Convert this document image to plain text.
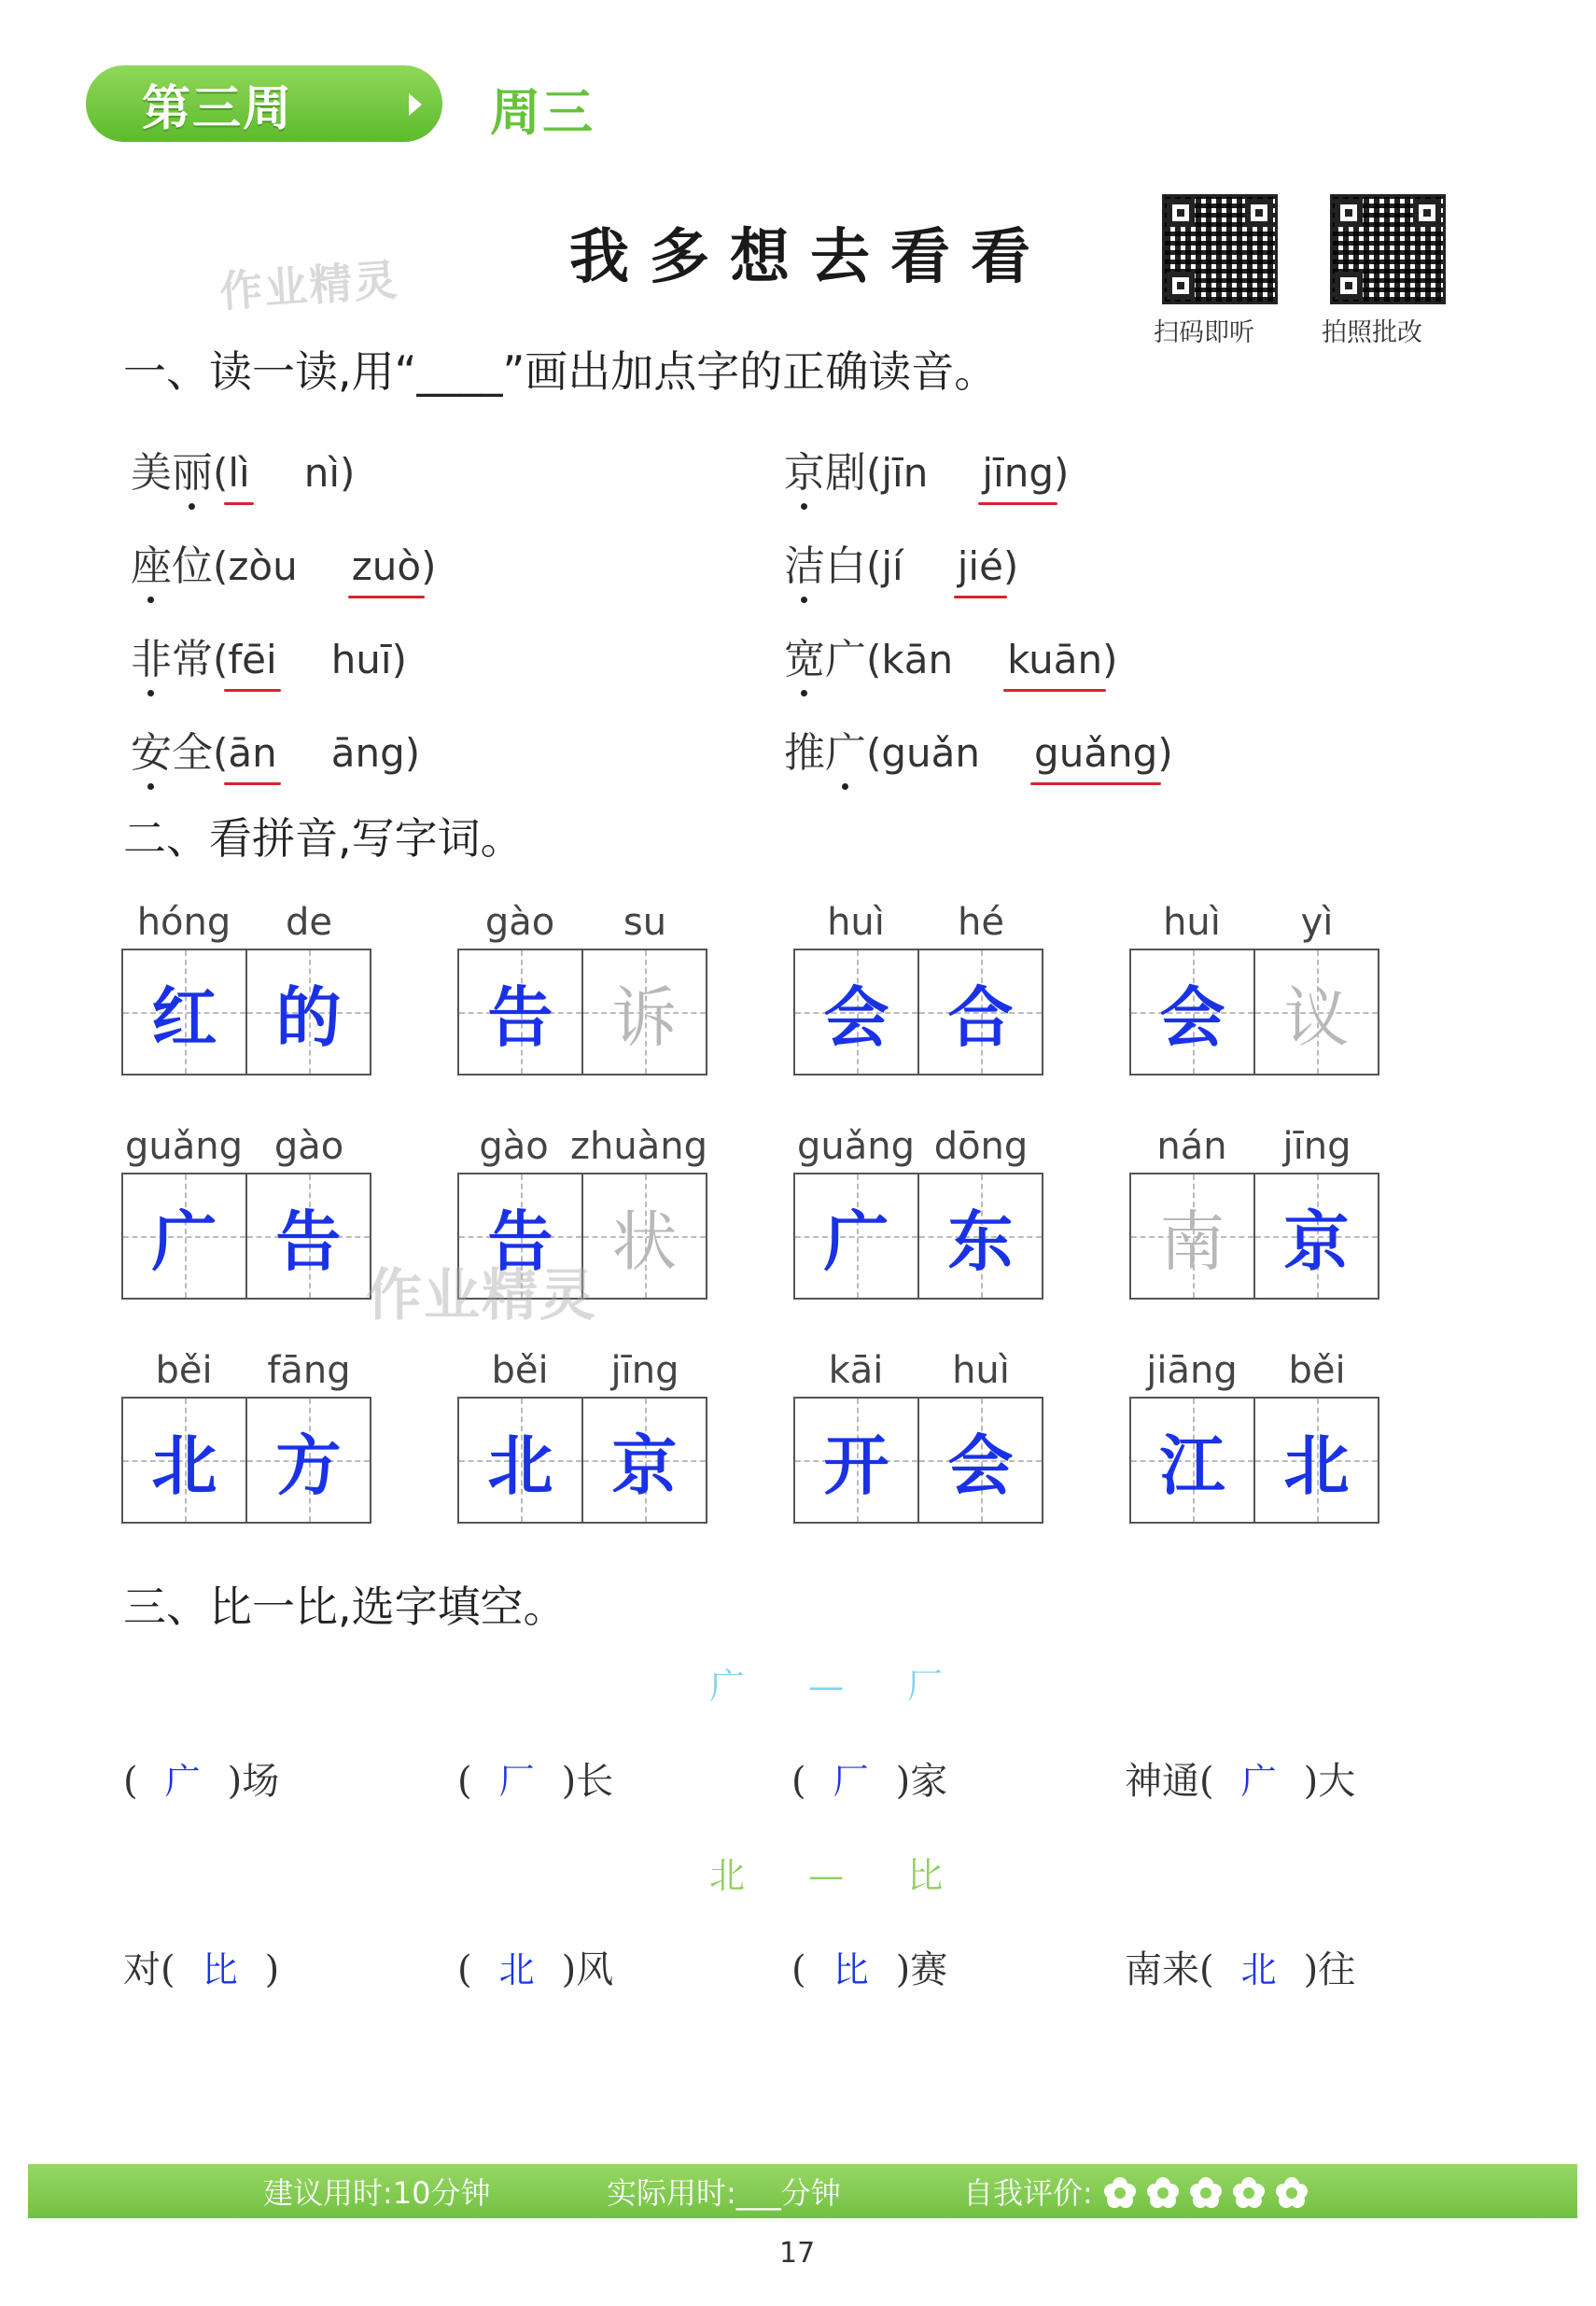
第三周	周三
作业精灵	我多想去看看
扫码即听	拍照批改
一、读一读,用“____”画出加点字的正确读音。
美丽(lì nì)	京剧(jīn jīng)
座位(zòu zuò)	洁白(jí jié)
非常(fēi huī)	宽广(kān kuān)
安全(ān āng)	推广(guǎn guǎng)
二、看拼音,写字词。
hóng	de
红 的
gào	su
告 诉
huì	hé
会 合
huì	yì
会 议
guǎng gào
广 告
gào zhuàng
告 状
guǎng dōng
广 东
nán	jīng
南 京
běi	fāng
北 方
běi	jīng
北 京
kāi	huì
开 会
jiāng	běi
江 北
作业精灵
三、比一比,选字填空。
广 — 厂
( 广 )场	( 厂 )长	( 厂 )家	神通( 广 )大
北 — 比
对( 比 )	( 北 )风	( 比 )赛	南来( 北 )往
建议用时:10分钟	实际用时:___分钟	自我评价:
17
